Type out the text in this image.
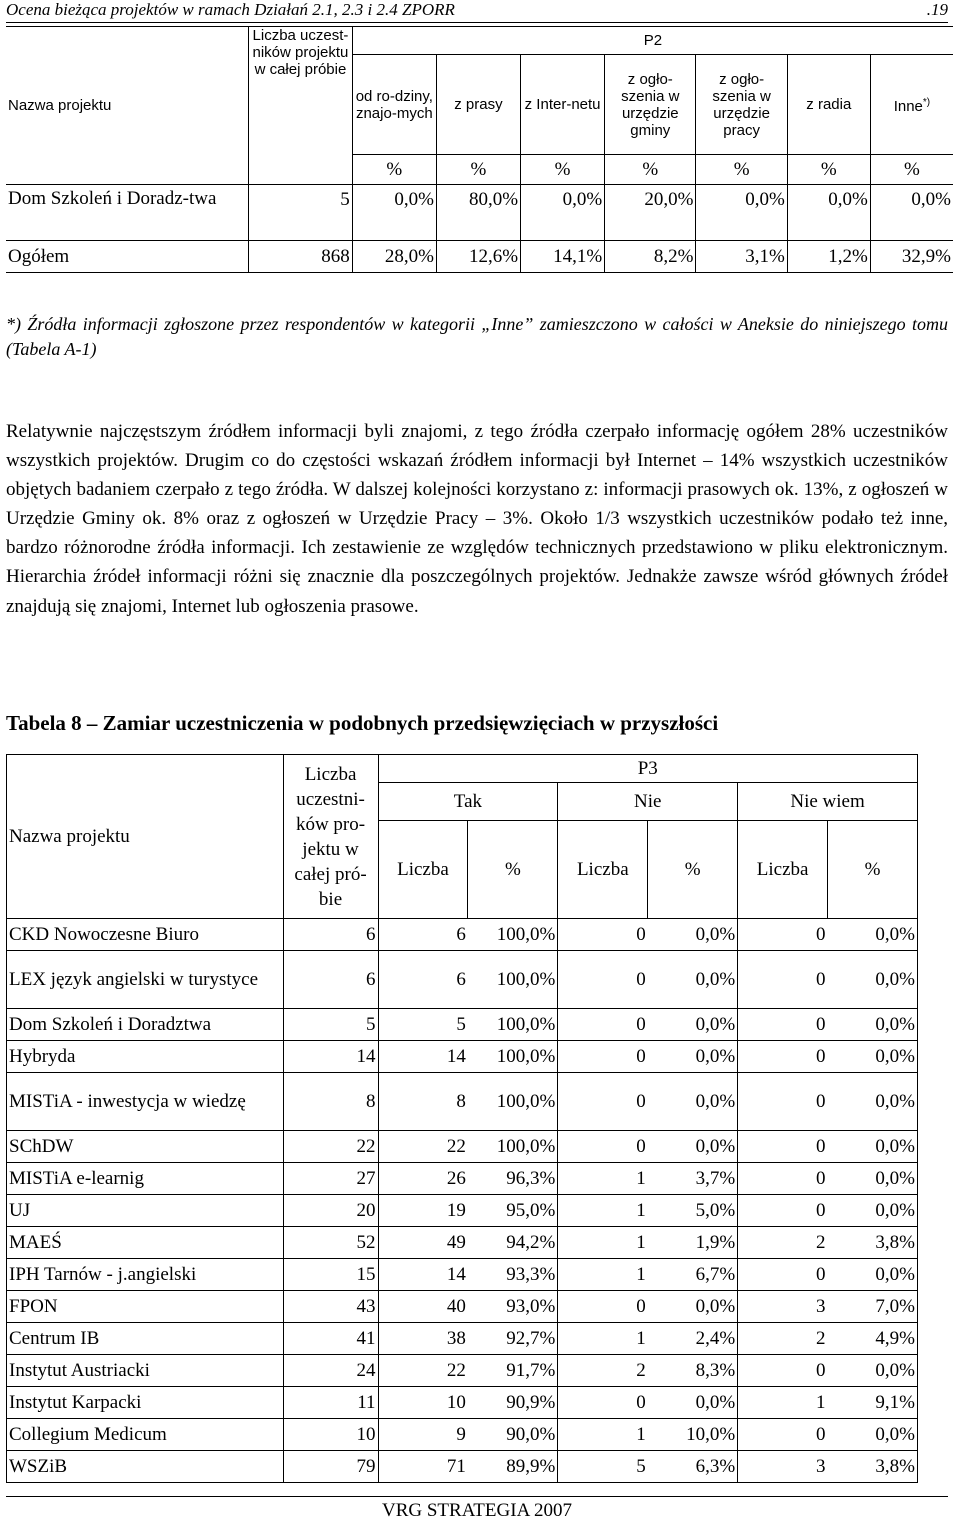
Ocena bieżąca projektów w ramach Działań 2.1, 2.3 i 2.4 ZPORR	.19
Nazwa projektu	Liczba uczest-ników projektu w całej próbie	P2						
		od ro-dziny, znajo-mych	z prasy	z Inter-netu	z ogło-szenia w urzędzie gminy	z ogło-szenia w urzędzie pracy	z radia	Inne*)
		%	%	%	%	%	%	%
Dom Szkoleń i Doradz-twa	5	0,0%	80,0%	0,0%	20,0%	0,0%	0,0%	0,0%
Ogółem	868	28,0%	12,6%	14,1%	8,2%	3,1%	1,2%	32,9%
*) Źródła informacji zgłoszone przez respondentów w kategorii „Inne” zamieszczono w całości w Aneksie do niniejszego tomu (Tabela A-1)
Relatywnie najczęstszym źródłem informacji byli znajomi, z tego źródła czerpało informację ogółem 28% uczestników wszystkich projektów. Drugim co do częstości wskazań źródłem informacji był Internet – 14% wszystkich uczestników objętych badaniem czerpało z tego źródła. W dalszej kolejności korzystano z: informacji prasowych ok. 13%, z ogłoszeń w Urzędzie Gminy ok. 8% oraz z ogłoszeń w Urzędzie Pracy – 3%. Około 1/3 wszystkich uczestników podało też inne, bardzo różnorodne źródła informacji. Ich zestawienie ze względów technicznych przedstawiono w pliku elektronicznym. Hierarchia źródeł informacji różni się znacznie dla poszczególnych projektów. Jednakże zawsze wśród głównych źródeł znajdują się znajomi, Internet lub ogłoszenia prasowe.
Tabela 8 – Zamiar uczestniczenia w podobnych przedsięwzięciach w przyszłości
Nazwa projektu	Liczba uczestni-ków pro-jektu w całej pró-bie	P3					
		Tak		Nie		Nie wiem	
		Liczba	%	Liczba	%	Liczba	%
CKD Nowoczesne Biuro	6	6	100,0%	0	0,0%	0	0,0%
LEX język angielski w turystyce	6	6	100,0%	0	0,0%	0	0,0%
Dom Szkoleń i Doradztwa	5	5	100,0%	0	0,0%	0	0,0%
Hybryda	14	14	100,0%	0	0,0%	0	0,0%
MISTiA - inwestycja w wiedzę	8	8	100,0%	0	0,0%	0	0,0%
SChDW	22	22	100,0%	0	0,0%	0	0,0%
MISTiA e-learnig	27	26	96,3%	1	3,7%	0	0,0%
UJ	20	19	95,0%	1	5,0%	0	0,0%
MAEŚ	52	49	94,2%	1	1,9%	2	3,8%
IPH Tarnów - j.angielski	15	14	93,3%	1	6,7%	0	0,0%
FPON	43	40	93,0%	0	0,0%	3	7,0%
Centrum IB	41	38	92,7%	1	2,4%	2	4,9%
Instytut Austriacki	24	22	91,7%	2	8,3%	0	0,0%
Instytut Karpacki	11	10	90,9%	0	0,0%	1	9,1%
Collegium Medicum	10	9	90,0%	1	10,0%	0	0,0%
WSZiB	79	71	89,9%	5	6,3%	3	3,8%
VRG STRATEGIA 2007
